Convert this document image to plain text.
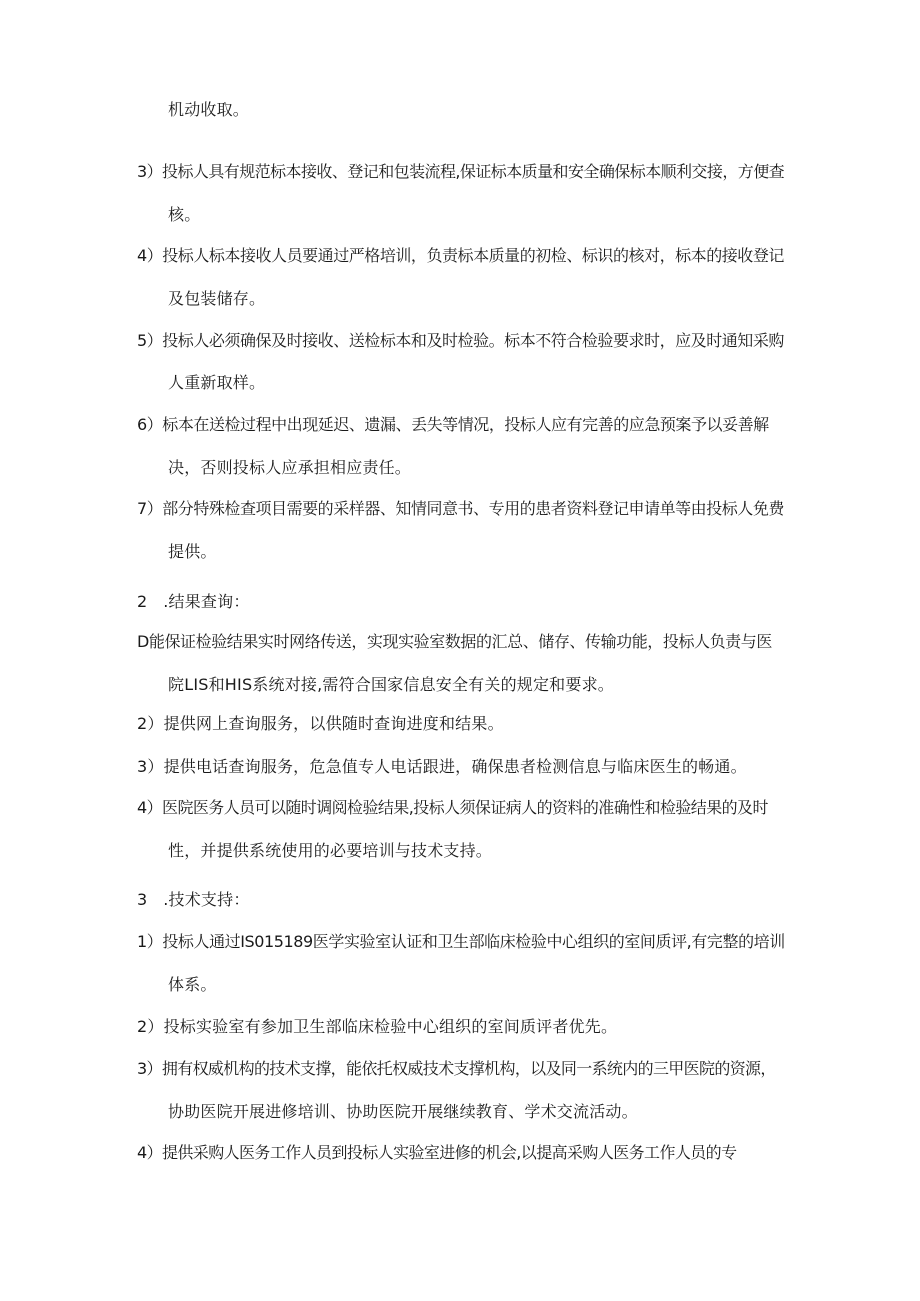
机动收取。
3）投标人具有规范标本接收、登记和包装流程,保证标本质量和安全确保标本顺利交接，方便查
核。
4）投标人标本接收人员要通过严格培训，负责标本质量的初检、标识的核对，标本的接收登记
及包装储存。
5）投标人必须确保及时接收、送检标本和及时检验。标本不符合检验要求时，应及时通知采购
人重新取样。
6）标本在送检过程中出现延迟、遗漏、丢失等情况，投标人应有完善的应急预案予以妥善解
决，否则投标人应承担相应责任。
7）部分特殊检查项目需要的采样器、知情同意书、专用的患者资料登记申请单等由投标人免费
提供。
2   .结果查询：
D能保证检验结果实时网络传送，实现实验室数据的汇总、储存、传输功能，投标人负责与医
院LIS和HIS系统对接,需符合国家信息安全有关的规定和要求。
2）提供网上查询服务，以供随时查询进度和结果。
3）提供电话查询服务，危急值专人电话跟进，确保患者检测信息与临床医生的畅通。
4）医院医务人员可以随时调阅检验结果,投标人须保证病人的资料的准确性和检验结果的及时
性，并提供系统使用的必要培训与技术支持。
3   .技术支持：
1）投标人通过IS015189医学实验室认证和卫生部临床检验中心组织的室间质评,有完整的培训
体系。
2）投标实验室有参加卫生部临床检验中心组织的室间质评者优先。
3）拥有权威机构的技术支撑，能依托权威技术支撑机构，以及同一系统内的三甲医院的资源，
协助医院开展进修培训、协助医院开展继续教育、学术交流活动。
4）提供采购人医务工作人员到投标人实验室进修的机会,以提高采购人医务工作人员的专
